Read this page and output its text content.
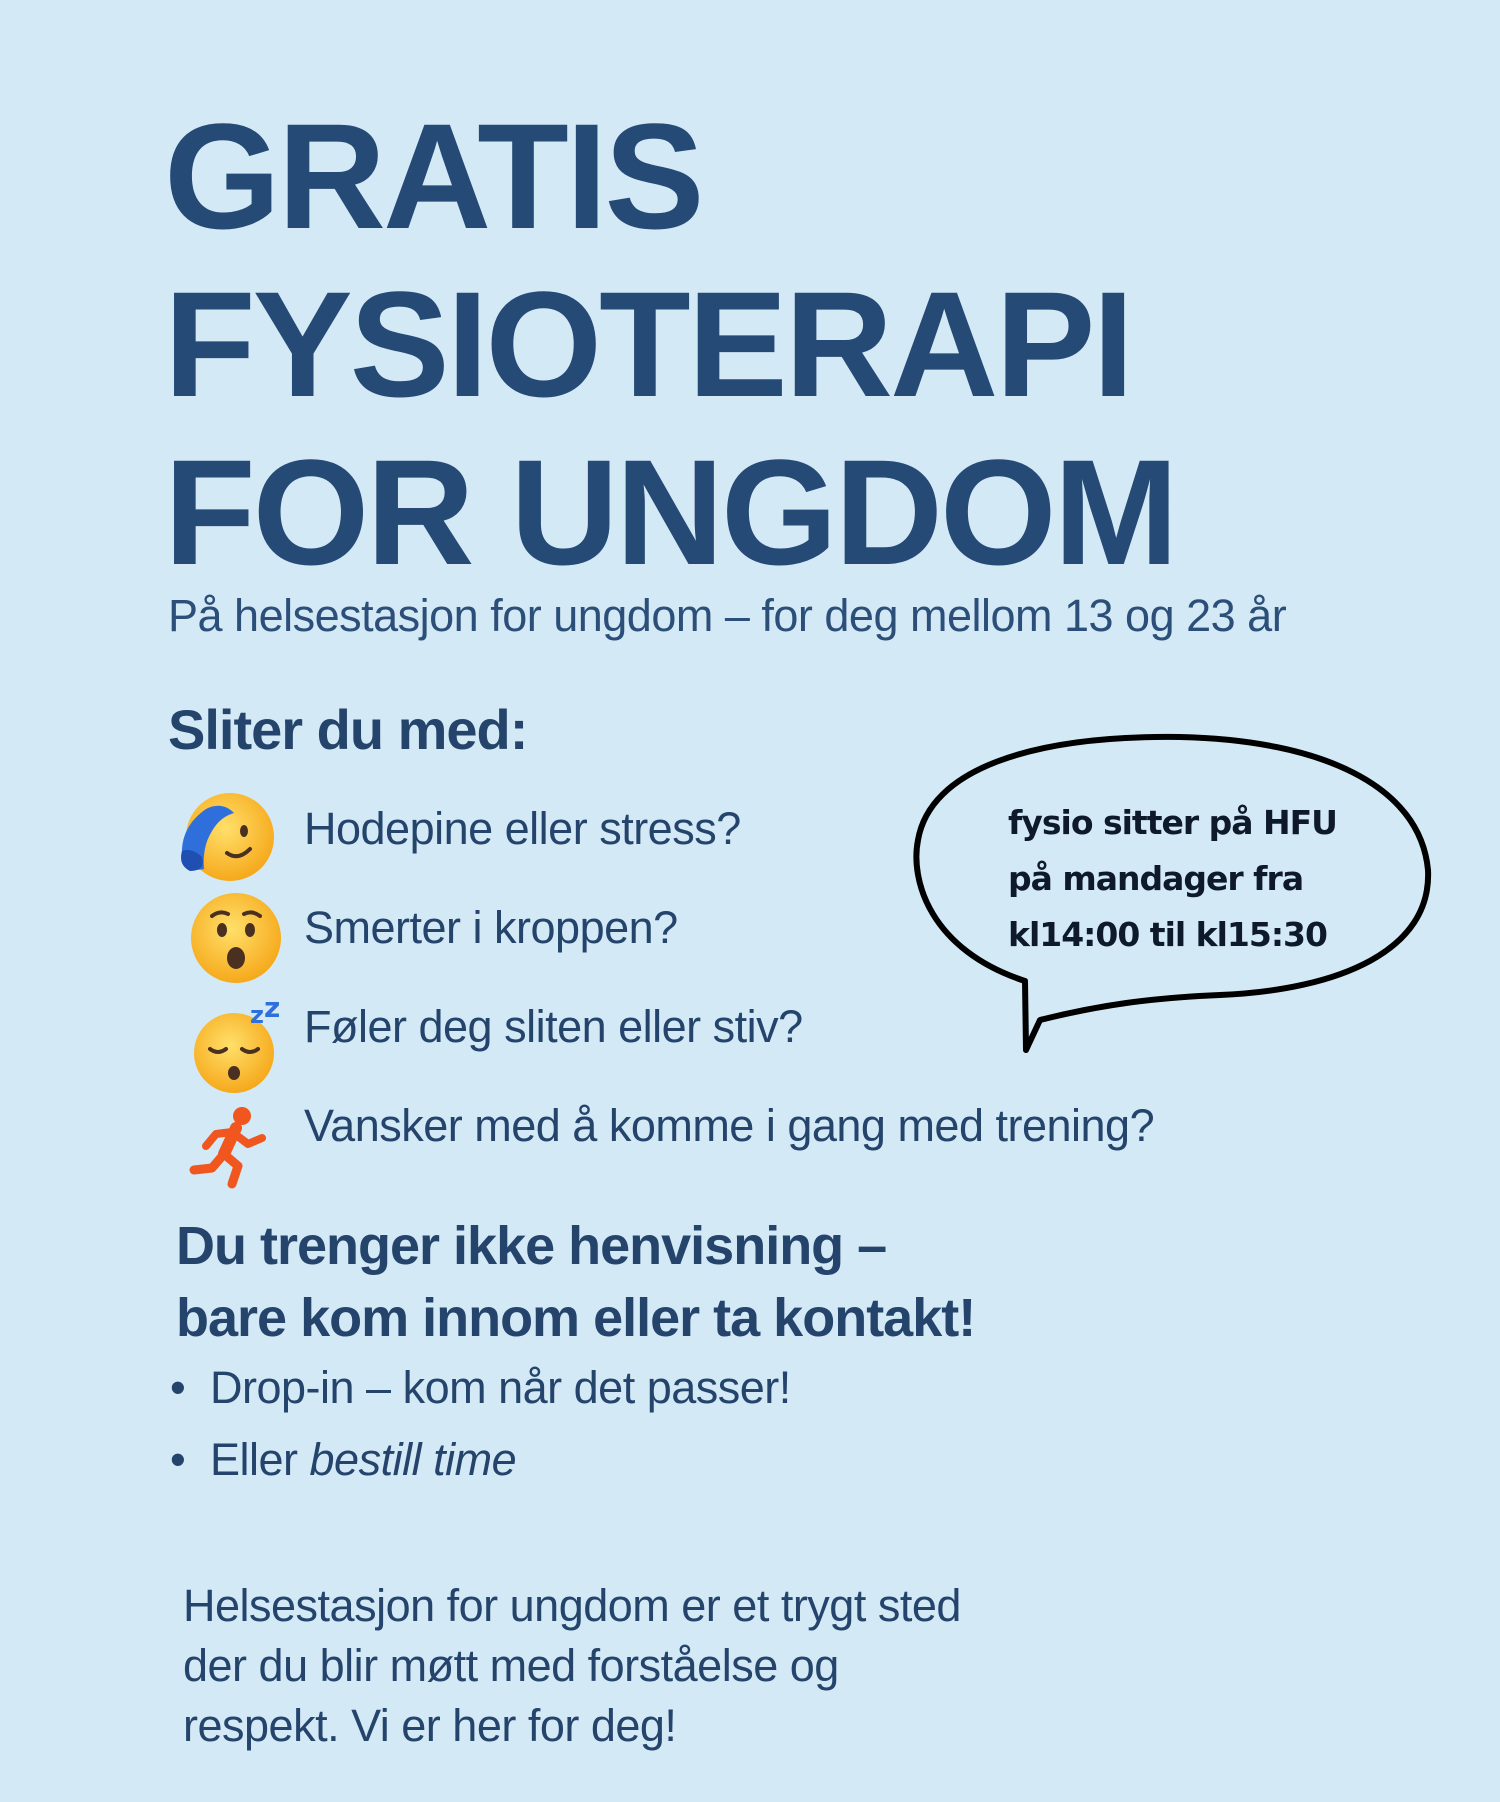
GRATIS
FYSIOTERAPI
FOR UNGDOM
På helsestasjon for ungdom – for deg mellom 13 og 23 år
Sliter du med:
Hodepine eller stress?
Smerter i kroppen?
z z Føler deg sliten eller stiv?
Vansker med å komme i gang med trening?
fysio sitter på HFU
på mandager fra
kl14:00 til kl15:30
Du trenger ikke henvisning –
bare kom innom eller ta kontakt!
• Drop-in – kom når det passer!
• Eller bestill time
Helsestasjon for ungdom er et trygt sted
der du blir møtt med forståelse og
respekt. Vi er her for deg!
